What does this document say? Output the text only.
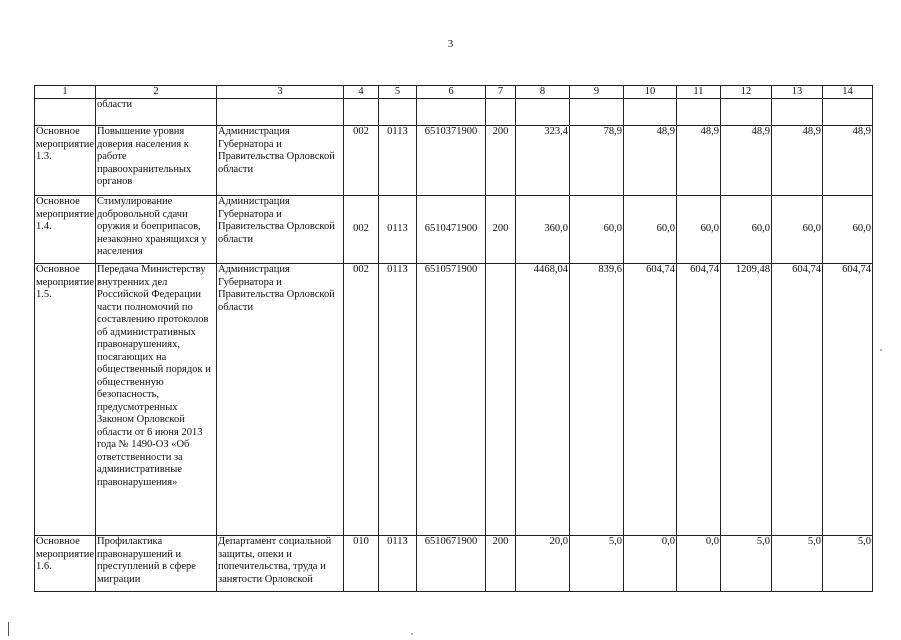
3
1	2	3	4	5	6	7	8	9	10	11	12	13	14
	области												
Основное мероприятие 1.3.	Повышение уровня доверия населения к работе правоохранительных органов	Администрация Губернатора и Правительства Орловской области	002	0113	6510371900	200	323,4	78,9	48,9	48,9	48,9	48,9	48,9
Основное мероприятие 1.4.	Стимулирование добровольной сдачи оружия и боеприпасов, незаконно хранящихся у населения	Администрация Губернатора и Правительства Орловской области	002	0113	6510471900	200	360,0	60,0	60,0	60,0	60,0	60,0	60,0
Основное мероприятие 1.5.	Передача Министерству внутренних дел Российской Федерации части полномочий по составлению протоколов об административных правонарушениях, посягающих на общественный порядок и общественную безопасность, предусмотренных Законом Орловской области от 6 июня 2013 года № 1490-ОЗ «Об ответственности за административные правонарушения»	Администрация Губернатора и Правительства Орловской области	002	0113	6510571900		4468,04	839,6	604,74	604,74	1209,48	604,74	604,74
Основное мероприятие 1.6.	Профилактика правонарушений и преступлений в сфере миграции	Департамент социальной защиты, опеки и попечительства, труда и занятости Орловской	010	0113	6510671900	200	20,0	5,0	0,0	0,0	5,0	5,0	5,0
